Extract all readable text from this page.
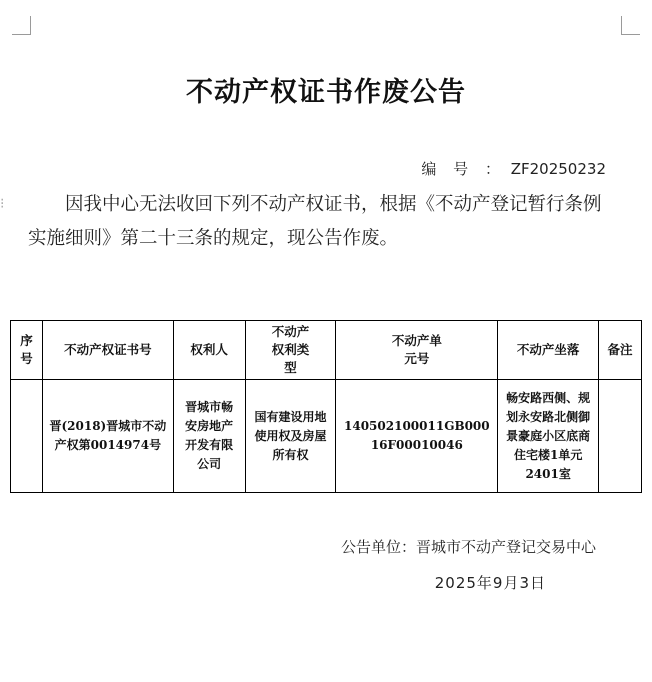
不动产权证书作废公告
编 号 ： ZF20250232
⁝	因我中心无法收回下列不动产权证书，根据《不动产登记暂行条例实施细则》第二十三条的规定，现公告作废。
序号	不动产权证书号	权利人	不动产权利类型	不动产单元号	不动产坐落	备注
	晋(2018)晋城市不动产权第0014974号	晋城市畅安房地产开发有限公司	国有建设用地使用权及房屋所有权	140502100011GB00016F00010046	畅安路西侧、规划永安路北侧御景豪庭小区底商住宅楼1单元2401室	
公告单位：晋城市不动产登记交易中心
2025年9月3日
